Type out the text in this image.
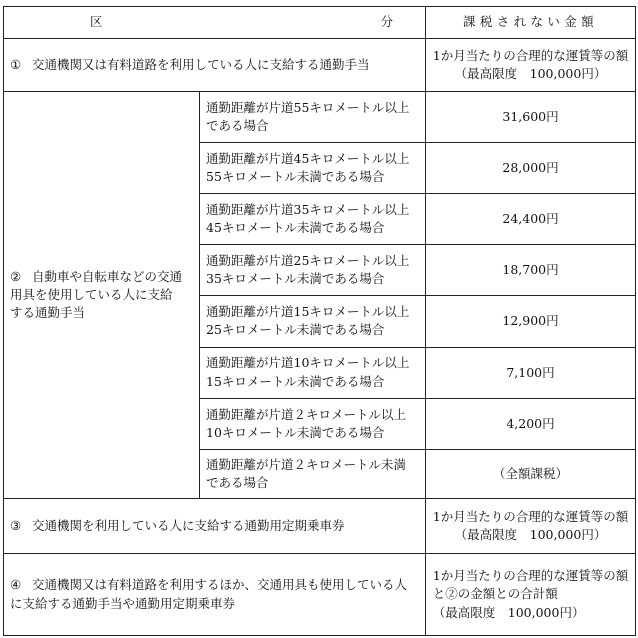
区 分		課税されない金額
① 交通機関又は有料道路を利用している人に支給する通勤手当		1か月当たりの合理的な運賃等の額
（最高限度　100,000円）

② 自動車や自転車などの交通
用具を使用している人に支給
する通勤手当	通勤距離が片道55キロメートル以上
である場合	31,600円

	通勤距離が片道45キロメートル以上
55キロメートル未満である場合	28,000円

	通勤距離が片道35キロメートル以上
45キロメートル未満である場合	24,400円

	通勤距離が片道25キロメートル以上
35キロメートル未満である場合	18,700円

	通勤距離が片道15キロメートル以上
25キロメートル未満である場合	12,900円

	通勤距離が片道10キロメートル以上
15キロメートル未満である場合	7,100円

	通勤距離が片道２キロメートル以上
10キロメートル未満である場合	4,200円

	通勤距離が片道２キロメートル未満
である場合	（全額課税）
③ 交通機関を利用している人に支給する通勤用定期乗車券		1か月当たりの合理的な運賃等の額
（最高限度　100,000円）

④ 交通機関又は有料道路を利用するほか、交通用具も使用している人
に支給する通勤手当や通勤用定期乗車券		1か月当たりの合理的な運賃等の額
と②の金額との合計額
（最高限度　100,000円）
